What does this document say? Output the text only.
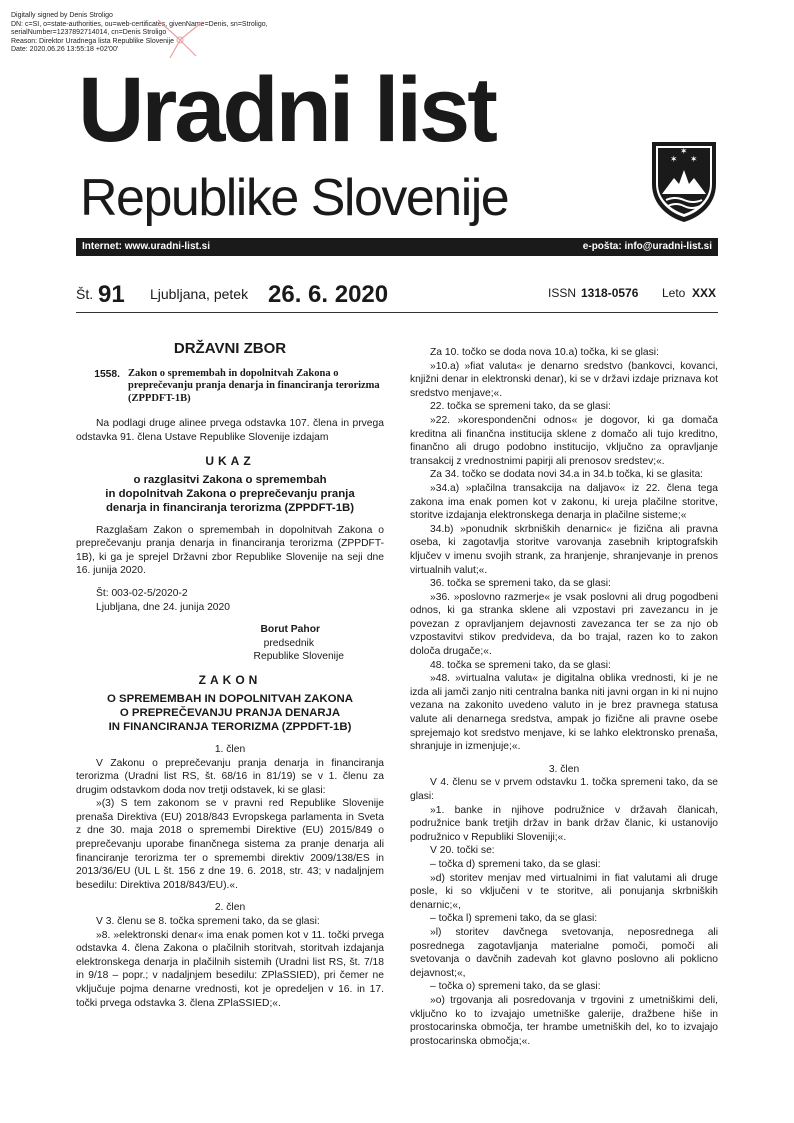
Digitally signed by Denis Stroligo
DN: c=SI, o=state-authorities, ou=web-certificates, givenName=Denis, sn=Stroligo,
serialNumber=1237892714014, cn=Denis Stroligo
Reason: Direktor Uradnega lista Republike Slovenije
Date: 2020.06.26 13:55:18 +02'00'
Uradni list
Republike Slovenije
✶ ✶
✶
Internet: www.uradni-list.si	e-pošta: info@uradni-list.si
Št. 91 Ljubljana, petek 26. 6. 2020	ISSN 1318-0576 Leto XXX
DRŽAVNI ZBOR
1558. Zakon o spremembah in dopolnitvah Zakona o preprečevanju pranja denarja in financiranja terorizma (ZPPDFT-1B)

Na podlagi druge alinee prvega odstavka 107. člena in prvega odstavka 91. člena Ustave Republike Slovenije izdajam

UKAZ
o razglasitvi Zakona o spremembah
in dopolnitvah Zakona o preprečevanju pranja
denarja in financiranja terorizma (ZPPDFT-1B)

Razglašam Zakon o spremembah in dopolnitvah Zakona o preprečevanju pranja denarja in financiranja terorizma (ZPPDFT-1B), ki ga je sprejel Državni zbor Republike Slovenije na seji dne 16. junija 2020.

Št: 003-02-5/2020-2

Ljubljana, dne 24. junija 2020

Borut Pahor
predsednik
Republike Slovenije
ZAKON
O SPREMEMBAH IN DOPOLNITVAH ZAKONA
O PREPREČEVANJU PRANJA DENARJA
IN FINANCIRANJA TERORIZMA (ZPPDFT-1B)

1. člen

V Zakonu o preprečevanju pranja denarja in financiranja terorizma (Uradni list RS, št. 68/16 in 81/19) se v 1. členu za drugim odstavkom doda nov tretji odstavek, ki se glasi:

»(3) S tem zakonom se v pravni red Republike Slovenije prenaša Direktiva (EU) 2018/843 Evropskega parlamenta in Sveta z dne 30. maja 2018 o spremembi Direktive (EU) 2015/849 o preprečevanju uporabe finančnega sistema za pranje denarja ali financiranje terorizma ter o spremembi direktiv 2009/138/ES in 2013/36/EU (UL L št. 156 z dne 19. 6. 2018, str. 43; v nadaljnjem besedilu: Direktiva 2018/843/EU).«.

2. člen

V 3. členu se 8. točka spremeni tako, da se glasi:

»8. »elektronski denar« ima enak pomen kot v 11. točki prvega odstavka 4. člena Zakona o plačilnih storitvah, storitvah izdajanja elektronskega denarja in plačilnih sistemih (Uradni list RS, št. 7/18 in 9/18 – popr.; v nadaljnjem besedilu: ZPlaSSIED), pri čemer ne vključuje pojma denarne vrednosti, kot je opredeljen v 16. in 17. točki prvega odstavka 3. člena ZPlaSSIED;«.

Za 10. točko se doda nova 10.a) točka, ki se glasi:

»10.a) »fiat valuta« je denarno sredstvo (bankovci, kovanci, knjižni denar in elektronski denar), ki se v državi izdaje priznava kot sredstvo menjave;«.

22. točka se spremeni tako, da se glasi:

»22. »korespondenčni odnos« je dogovor, ki ga domača kreditna ali finančna institucija sklene z domačo ali tujo kreditno, finančno ali drugo podobno institucijo, vključno za opravljanje transakcij z vrednostnimi papirji ali prenosov sredstev;«.

Za 34. točko se dodata novi 34.a in 34.b točka, ki se glasita:

»34.a) »plačilna transakcija na daljavo« iz 22. člena tega zakona ima enak pomen kot v zakonu, ki ureja plačilne storitve, storitve izdajanja elektronskega denarja in plačilne sisteme;«

34.b) »ponudnik skrbniških denarnic« je fizična ali pravna oseba, ki zagotavlja storitve varovanja zasebnih kriptografskih ključev v imenu svojih strank, za hranjenje, shranjevanje in prenos virtualnih valut;«.

36. točka se spremeni tako, da se glasi:

»36. »poslovno razmerje« je vsak poslovni ali drug pogodbeni odnos, ki ga stranka sklene ali vzpostavi pri zavezancu in je povezan z opravljanjem dejavnosti zavezanca ter se za njo ob vzpostavitvi stikov predvideva, da bo trajal, razen ko to zakon določa drugače;«.

48. točka se spremeni tako, da se glasi:

»48. »virtualna valuta« je digitalna oblika vrednosti, ki je ne izda ali jamči zanjo niti centralna banka niti javni organ in ki ni nujno vezana na zakonito uvedeno valuto in je brez pravnega statusa valute ali denarnega sredstva, ampak jo fizične ali pravne osebe sprejemajo kot sredstvo menjave, ki se lahko elektronsko prenaša, shranjuje in izmenjuje;«.

3. člen

V 4. členu se v prvem odstavku 1. točka spremeni tako, da se glasi:

»1. banke in njihove podružnice v državah članicah, podružnice bank tretjih držav in bank držav članic, ki ustanovijo podružnico v Republiki Sloveniji;«.

V 20. točki se:

– točka d) spremeni tako, da se glasi:

»d) storitev menjav med virtualnimi in fiat valutami ali druge posle, ki so vključeni v te storitve, ali ponujanja skrbniških denarnic;«,

– točka l) spremeni tako, da se glasi:

»l) storitev davčnega svetovanja, neposrednega ali posrednega zagotavljanja materialne pomoči, pomoči ali svetovanja o davčnih zadevah kot glavno poslovno ali poklicno dejavnost;«,

– točka o) spremeni tako, da se glasi:

»o) trgovanja ali posredovanja v trgovini z umetniškimi deli, vključno ko to izvajajo umetniške galerije, dražbene hiše in prostocarinska območja, ter hrambe umetniških del, ko to izvajajo prostocarinska območja;«.
